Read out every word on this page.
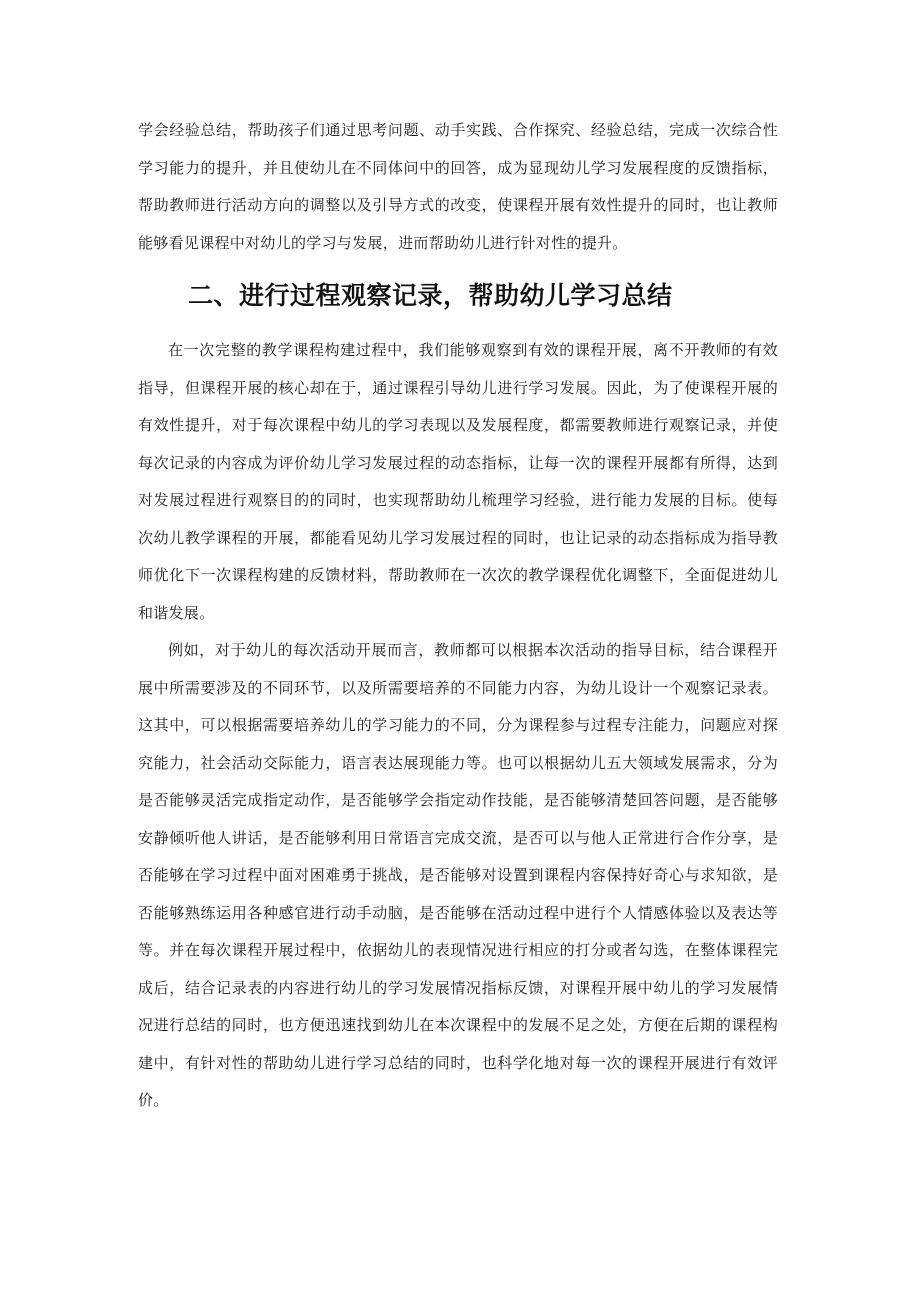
学会经验总结，帮助孩子们通过思考问题、动手实践、合作探究、经验总结，完成一次综合性学习能力的提升，并且使幼儿在不同体问中的回答，成为显现幼儿学习发展程度的反馈指标，帮助教师进行活动方向的调整以及引导方式的改变，使课程开展有效性提升的同时，也让教师能够看见课程中对幼儿的学习与发展，进而帮助幼儿进行针对性的提升。

二、进行过程观察记录，帮助幼儿学习总结

在一次完整的教学课程构建过程中，我们能够观察到有效的课程开展，离不开教师的有效指导，但课程开展的核心却在于，通过课程引导幼儿进行学习发展。因此，为了使课程开展的有效性提升，对于每次课程中幼儿的学习表现以及发展程度，都需要教师进行观察记录，并使每次记录的内容成为评价幼儿学习发展过程的动态指标，让每一次的课程开展都有所得，达到对发展过程进行观察目的的同时，也实现帮助幼儿梳理学习经验，进行能力发展的目标。使每次幼儿教学课程的开展，都能看见幼儿学习发展过程的同时，也让记录的动态指标成为指导教师优化下一次课程构建的反馈材料，帮助教师在一次次的教学课程优化调整下，全面促进幼儿和谐发展。

例如，对于幼儿的每次活动开展而言，教师都可以根据本次活动的指导目标，结合课程开展中所需要涉及的不同环节，以及所需要培养的不同能力内容，为幼儿设计一个观察记录表。这其中，可以根据需要培养幼儿的学习能力的不同，分为课程参与过程专注能力，问题应对探究能力，社会活动交际能力，语言表达展现能力等。也可以根据幼儿五大领域发展需求，分为是否能够灵活完成指定动作，是否能够学会指定动作技能，是否能够清楚回答问题，是否能够安静倾听他人讲话，是否能够利用日常语言完成交流，是否可以与他人正常进行合作分享，是否能够在学习过程中面对困难勇于挑战，是否能够对设置到课程内容保持好奇心与求知欲，是否能够熟练运用各种感官进行动手动脑，是否能够在活动过程中进行个人情感体验以及表达等等。并在每次课程开展过程中，依据幼儿的表现情况进行相应的打分或者勾选，在整体课程完成后，结合记录表的内容进行幼儿的学习发展情况指标反馈，对课程开展中幼儿的学习发展情况进行总结的同时，也方便迅速找到幼儿在本次课程中的发展不足之处，方便在后期的课程构建中，有针对性的帮助幼儿进行学习总结的同时，也科学化地对每一次的课程开展进行有效评价。
